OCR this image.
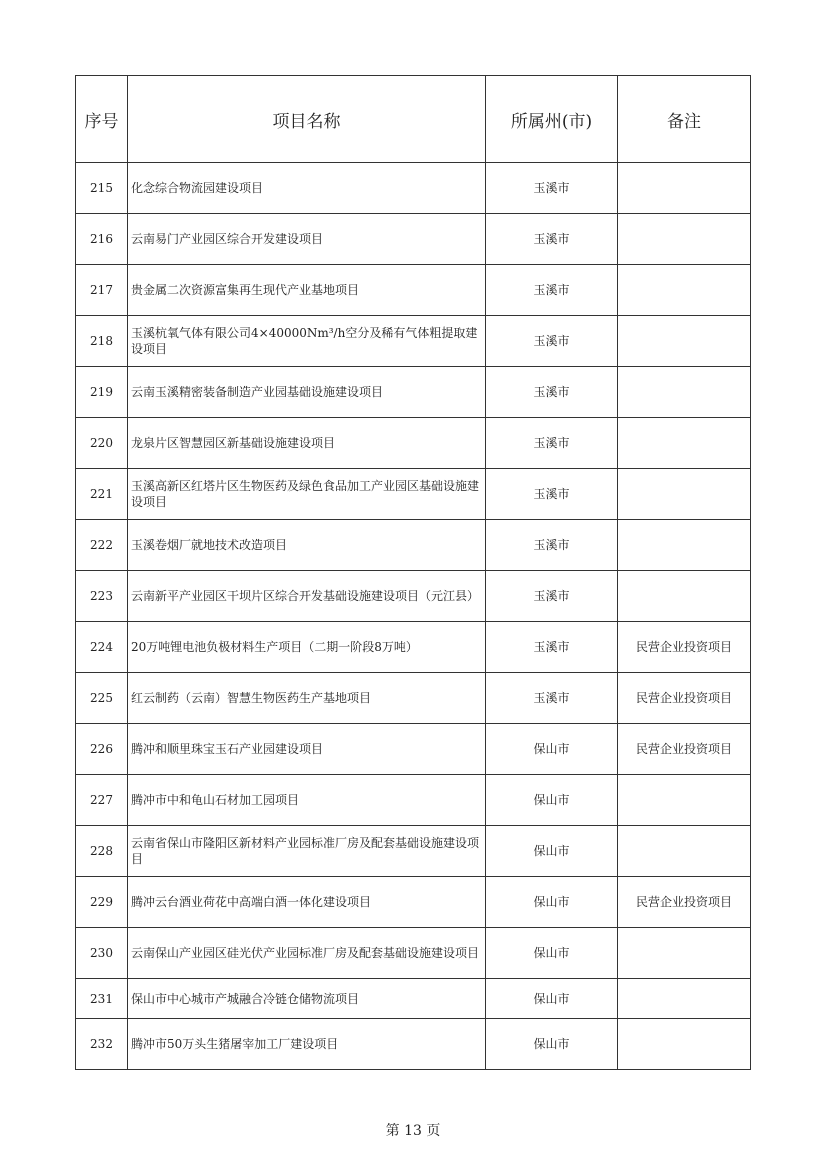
序号	项目名称	所属州(市)	备注
215	化念综合物流园建设项目	玉溪市	
216	云南易门产业园区综合开发建设项目	玉溪市	
217	贵金属二次资源富集再生现代产业基地项目	玉溪市	
218	玉溪杭氧气体有限公司4×40000Nm³/h空分及稀有气体粗提取建设项目	玉溪市	
219	云南玉溪精密装备制造产业园基础设施建设项目	玉溪市	
220	龙泉片区智慧园区新基础设施建设项目	玉溪市	
221	玉溪高新区红塔片区生物医药及绿色食品加工产业园区基础设施建设项目	玉溪市	
222	玉溪卷烟厂就地技术改造项目	玉溪市	
223	云南新平产业园区干坝片区综合开发基础设施建设项目（元江县）	玉溪市	
224	20万吨锂电池负极材料生产项目（二期一阶段8万吨）	玉溪市	民营企业投资项目
225	红云制药（云南）智慧生物医药生产基地项目	玉溪市	民营企业投资项目
226	腾冲和顺里珠宝玉石产业园建设项目	保山市	民营企业投资项目
227	腾冲市中和龟山石材加工园项目	保山市	
228	云南省保山市隆阳区新材料产业园标准厂房及配套基础设施建设项目	保山市	
229	腾冲云台酒业荷花中高端白酒一体化建设项目	保山市	民营企业投资项目
230	云南保山产业园区硅光伏产业园标准厂房及配套基础设施建设项目	保山市	
231	保山市中心城市产城融合冷链仓储物流项目	保山市	
232	腾冲市50万头生猪屠宰加工厂建设项目	保山市	
第 13 页
